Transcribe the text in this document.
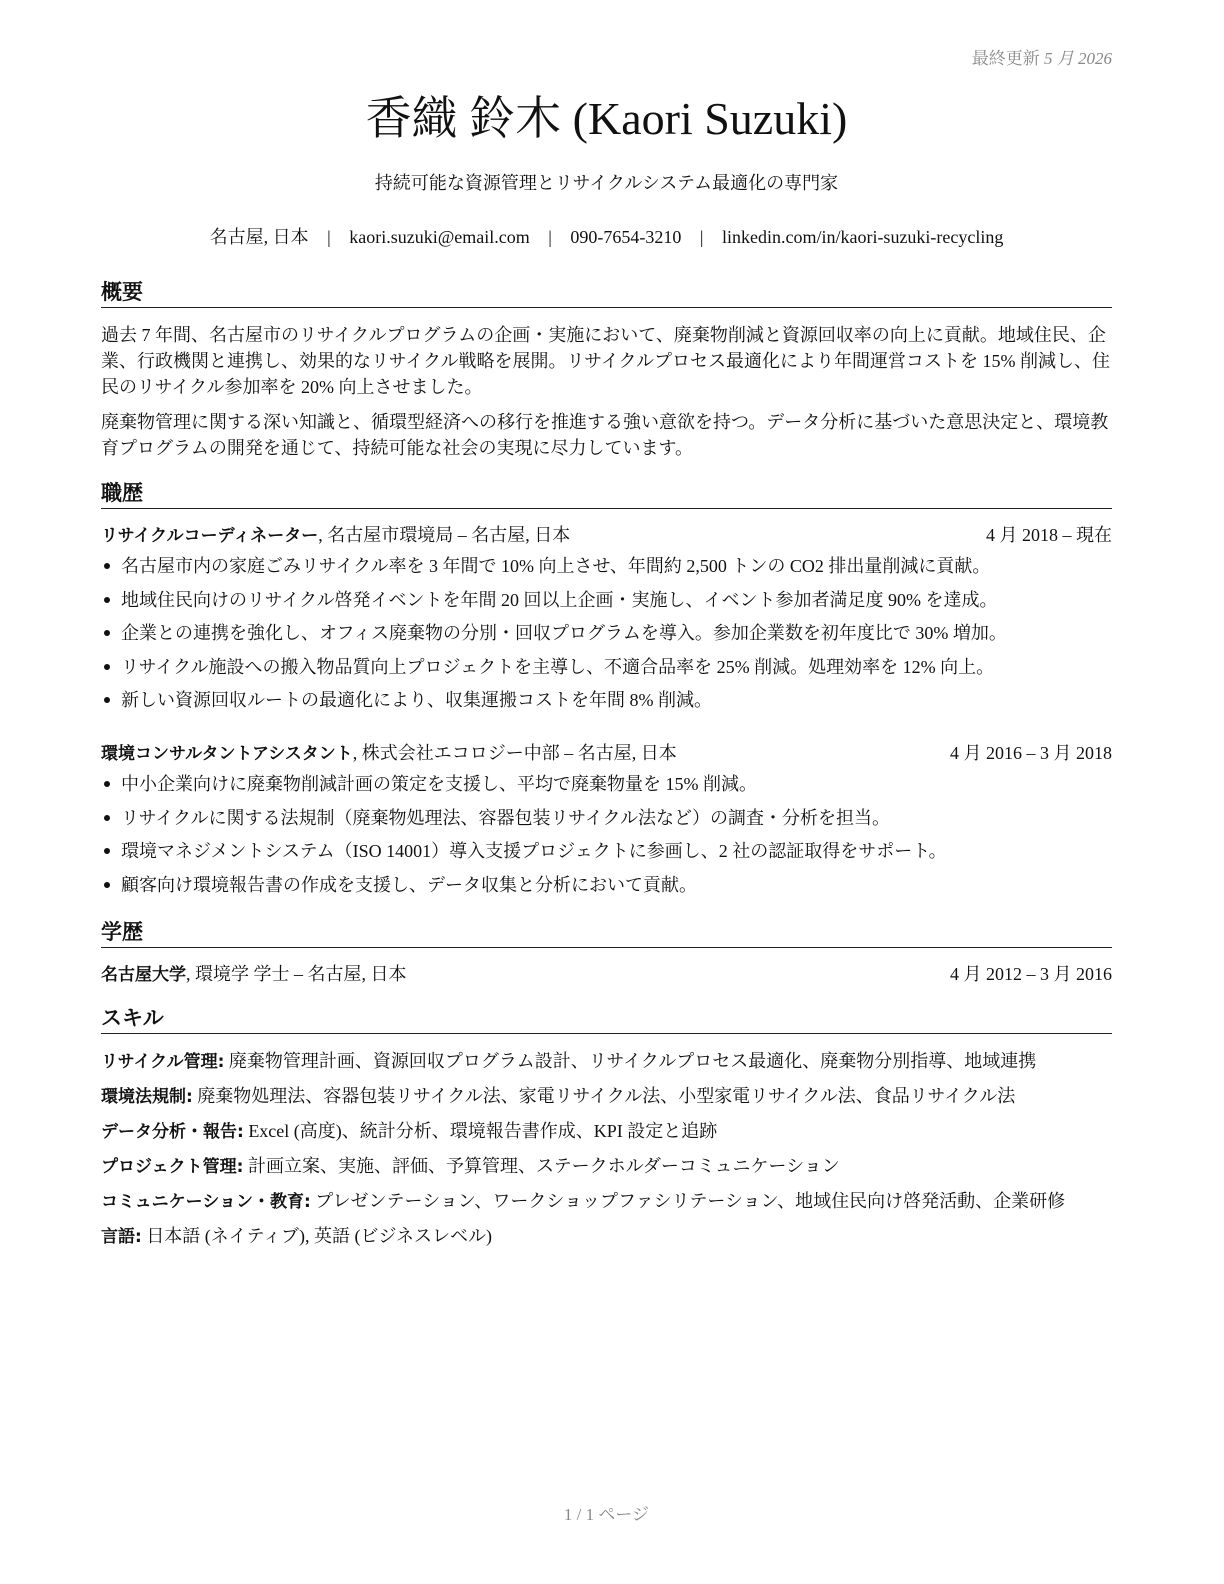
最終更新 5 月 2026
香織 鈴木 (Kaori Suzuki)
持続可能な資源管理とリサイクルシステム最適化の専門家
名古屋, 日本 | kaori.suzuki@email.com | 090-7654-3210 | linkedin.com/in/kaori-suzuki-recycling
概要

過去 7 年間、名古屋市のリサイクルプログラムの企画・実施において、廃棄物削減と資源回収率の向上に貢献。地域住民、企業、行政機関と連携し、効果的なリサイクル戦略を展開。リサイクルプロセス最適化により年間運営コストを 15% 削減し、住民のリサイクル参加率を 20% 向上させました。

廃棄物管理に関する深い知識と、循環型経済への移行を推進する強い意欲を持つ。データ分析に基づいた意思決定と、環境教育プログラムの開発を通じて、持続可能な社会の実現に尽力しています。

職歴
リサイクルコーディネーター, 名古屋市環境局 – 名古屋, 日本	4 月 2018 – 現在
名古屋市内の家庭ごみリサイクル率を 3 年間で 10% 向上させ、年間約 2,500 トンの CO2 排出量削減に貢献。
地域住民向けのリサイクル啓発イベントを年間 20 回以上企画・実施し、イベント参加者満足度 90% を達成。
企業との連携を強化し、オフィス廃棄物の分別・回収プログラムを導入。参加企業数を初年度比で 30% 増加。
リサイクル施設への搬入物品質向上プロジェクトを主導し、不適合品率を 25% 削減。処理効率を 12% 向上。
新しい資源回収ルートの最適化により、収集運搬コストを年間 8% 削減。
環境コンサルタントアシスタント, 株式会社エコロジー中部 – 名古屋, 日本	4 月 2016 – 3 月 2018
中小企業向けに廃棄物削減計画の策定を支援し、平均で廃棄物量を 15% 削減。
リサイクルに関する法規制（廃棄物処理法、容器包装リサイクル法など）の調査・分析を担当。
環境マネジメントシステム（ISO 14001）導入支援プロジェクトに参画し、2 社の認証取得をサポート。
顧客向け環境報告書の作成を支援し、データ収集と分析において貢献。
学歴
名古屋大学, 環境学 学士 – 名古屋, 日本	4 月 2012 – 3 月 2016
スキル
リサイクル管理: 廃棄物管理計画、資源回収プログラム設計、リサイクルプロセス最適化、廃棄物分別指導、地域連携
環境法規制: 廃棄物処理法、容器包装リサイクル法、家電リサイクル法、小型家電リサイクル法、食品リサイクル法
データ分析・報告: Excel (高度)、統計分析、環境報告書作成、KPI 設定と追跡
プロジェクト管理: 計画立案、実施、評価、予算管理、ステークホルダーコミュニケーション
コミュニケーション・教育: プレゼンテーション、ワークショップファシリテーション、地域住民向け啓発活動、企業研修
言語: 日本語 (ネイティブ), 英語 (ビジネスレベル)
1 / 1 ページ
